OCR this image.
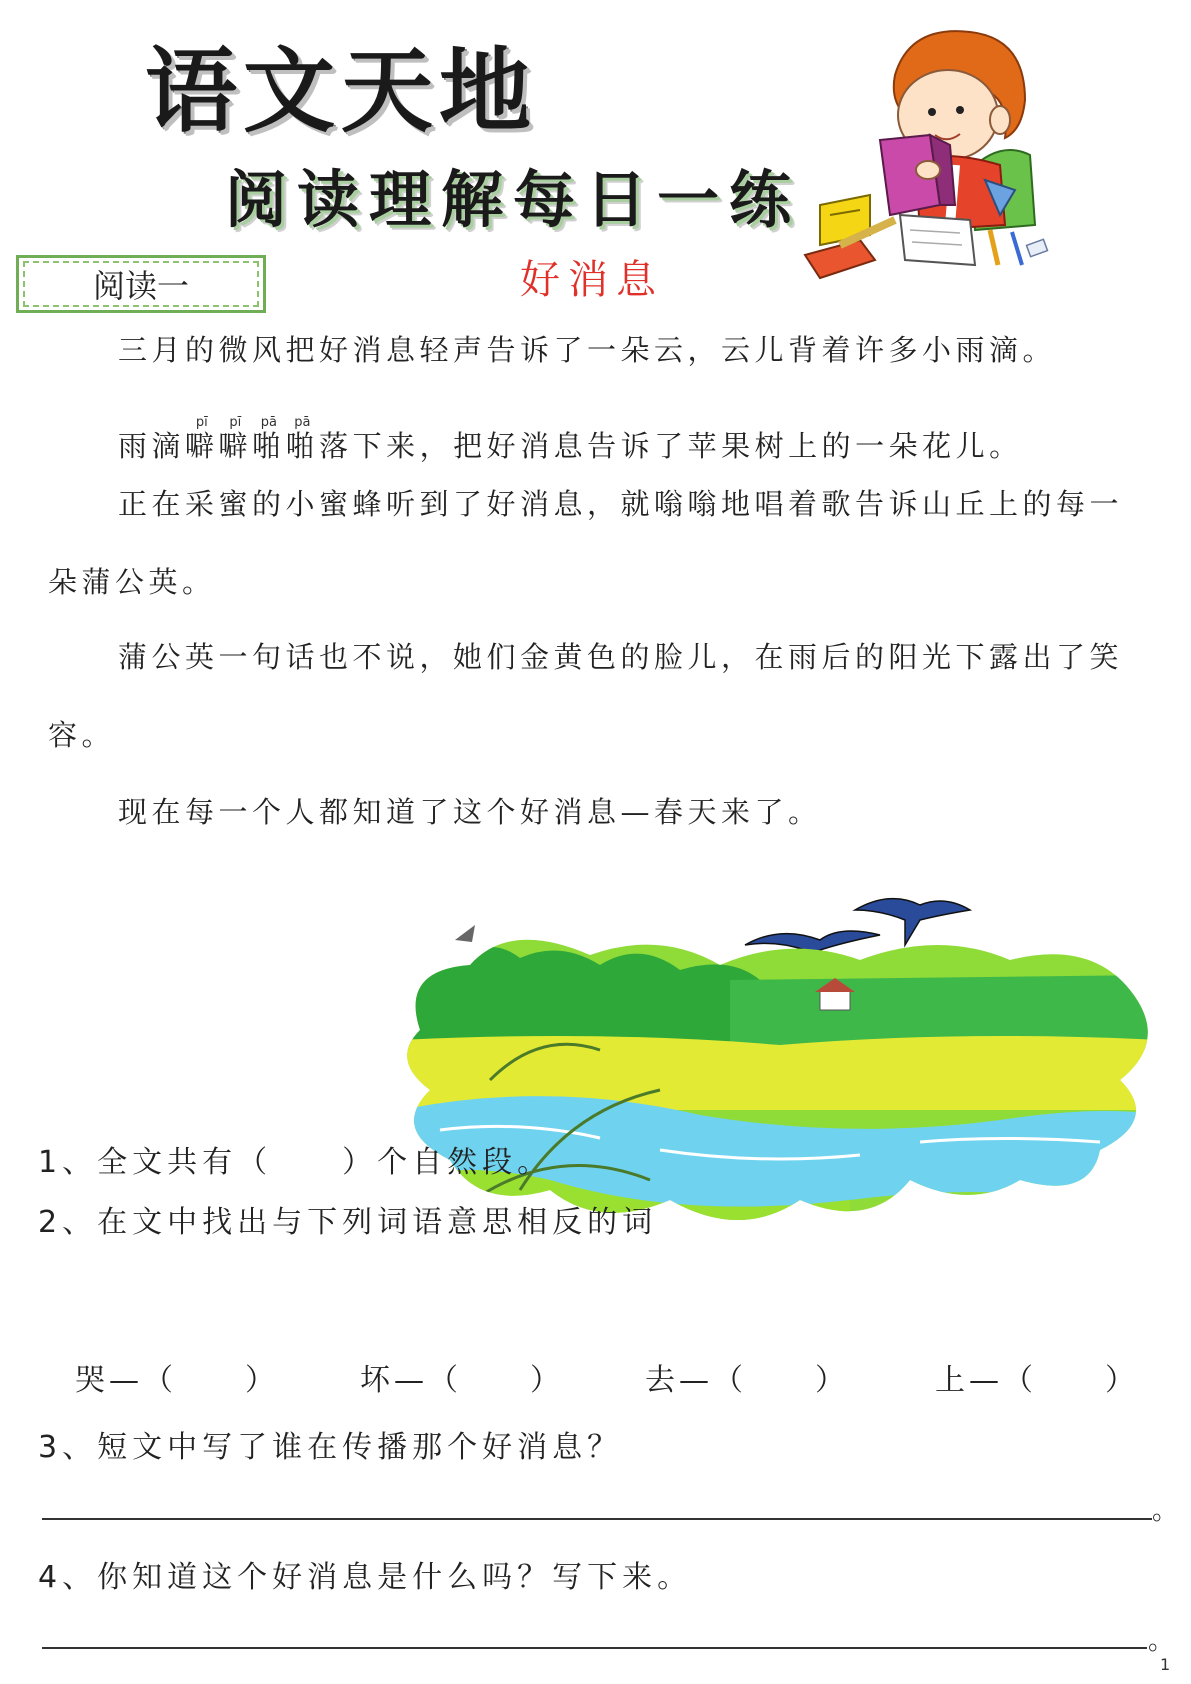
语文天地
阅读理解每日一练
阅读一	好消息
三月的微风把好消息轻声告诉了一朵云，云儿背着许多小雨滴。
雨滴噼pī噼pī啪pā啪pā落下来，把好消息告诉了苹果树上的一朵花儿。
正在采蜜的小蜜蜂听到了好消息，就嗡嗡地唱着歌告诉山丘上的每一
朵蒲公英。
蒲公英一句话也不说，她们金黄色的脸儿，在雨后的阳光下露出了笑
容。
现在每一个人都知道了这个好消息—春天来了。
1、全文共有（　　）个自然段。
2、在文中找出与下列词语意思相反的词
哭—（　　）	坏—（　　）	去—（　　）	上—（　　）
3、短文中写了谁在传播那个好消息？
。
4、你知道这个好消息是什么吗？写下来。
。
1
